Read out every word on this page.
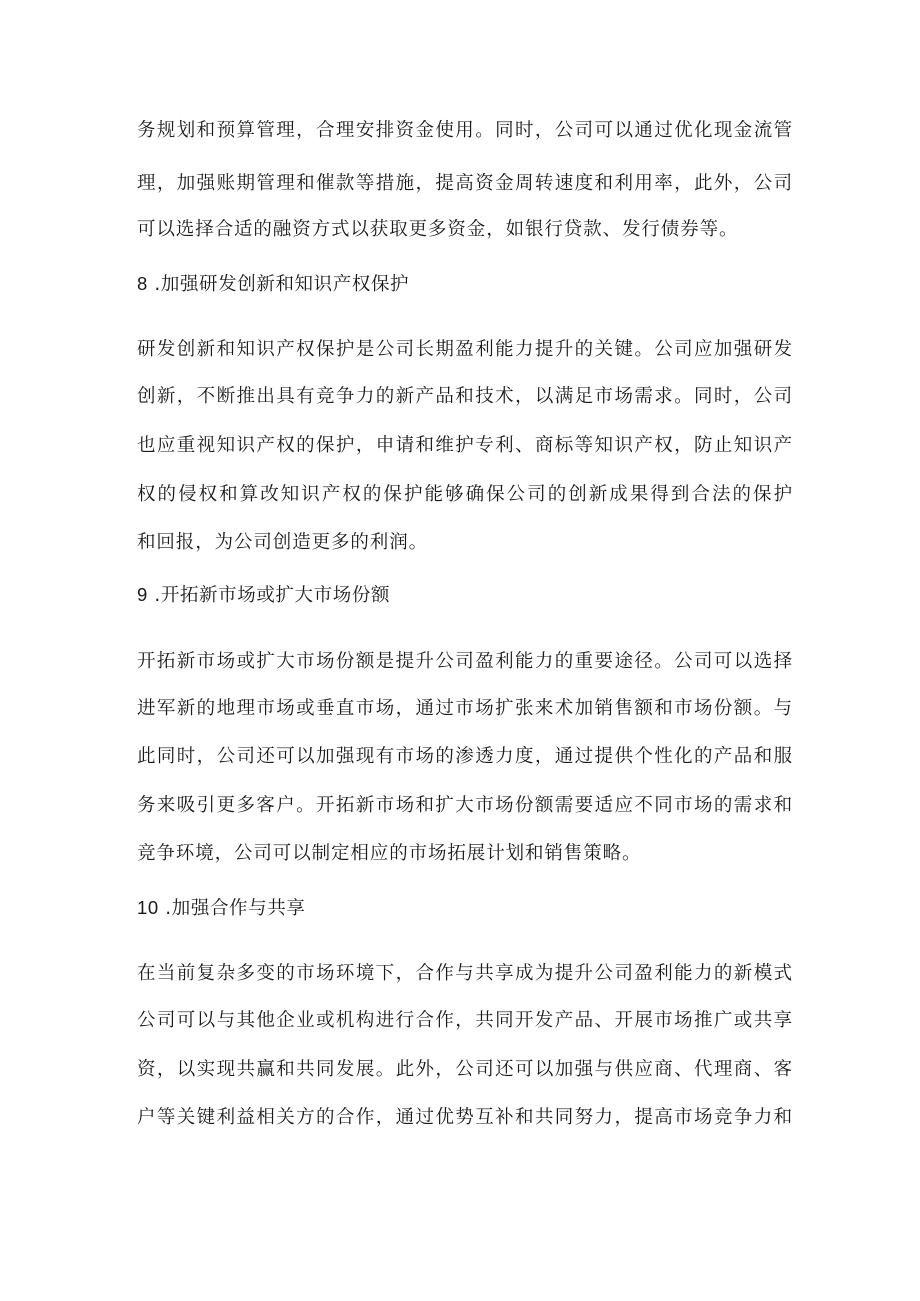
务规划和预算管理，合理安排资金使用。同时，公司可以通过优化现金流管
理，加强账期管理和催款等措施，提高资金周转速度和利用率，此外，公司
可以选择合适的融资方式以获取更多资金，如银行贷款、发行债券等。
8 .加强研发创新和知识产权保护
研发创新和知识产权保护是公司长期盈利能力提升的关键。公司应加强研发
创新，不断推出具有竞争力的新产品和技术，以满足市场需求。同时，公司
也应重视知识产权的保护，申请和维护专利、商标等知识产权，防止知识产
权的侵权和算改知识产权的保护能够确保公司的创新成果得到合法的保护
和回报，为公司创造更多的利润。
9 .开拓新市场或扩大市场份额
开拓新市场或扩大市场份额是提升公司盈利能力的重要途径。公司可以选择
进军新的地理市场或垂直市场，通过市场扩张来术加销售额和市场份额。与
此同时，公司还可以加强现有市场的渗透力度，通过提供个性化的产品和服
务来吸引更多客户。开拓新市场和扩大市场份额需要适应不同市场的需求和
竞争环境，公司可以制定相应的市场拓展计划和销售策略。
10 .加强合作与共享
在当前复杂多变的市场环境下，合作与共享成为提升公司盈利能力的新模式
公司可以与其他企业或机构进行合作，共同开发产品、开展市场推广或共享
资，以实现共赢和共同发展。此外，公司还可以加强与供应商、代理商、客
户等关键利益相关方的合作，通过优势互补和共同努力，提高市场竞争力和
